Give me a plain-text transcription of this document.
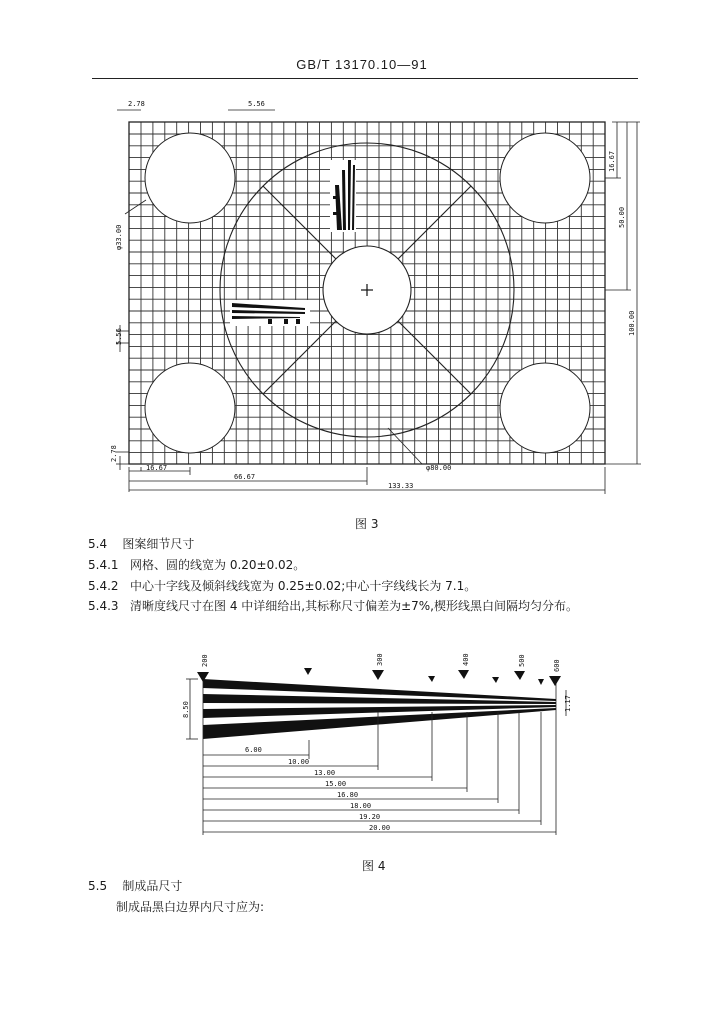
GB/T 13170.10—91
2.78	5.56
φ33.00
5.56
2.78
16.67
66.67
133.33
φ80.00
16.67
50.00
100.00
图 3
5.4 图案细节尺寸
5.4.1 网格、圆的线宽为 0.20±0.02。
5.4.2 中心十字线及倾斜线线宽为 0.25±0.02;中心十字线线长为 7.1。
5.4.3 清晰度线尺寸在图 4 中详细给出,其标称尺寸偏差为±7%,楔形线黑白间隔均匀分布。
200	300	400	500	600
8.50	1.17
6.00
10.00
13.00
15.00
16.80
18.00
19.20
20.00
图 4
5.5 制成品尺寸
制成品黑白边界内尺寸应为:
